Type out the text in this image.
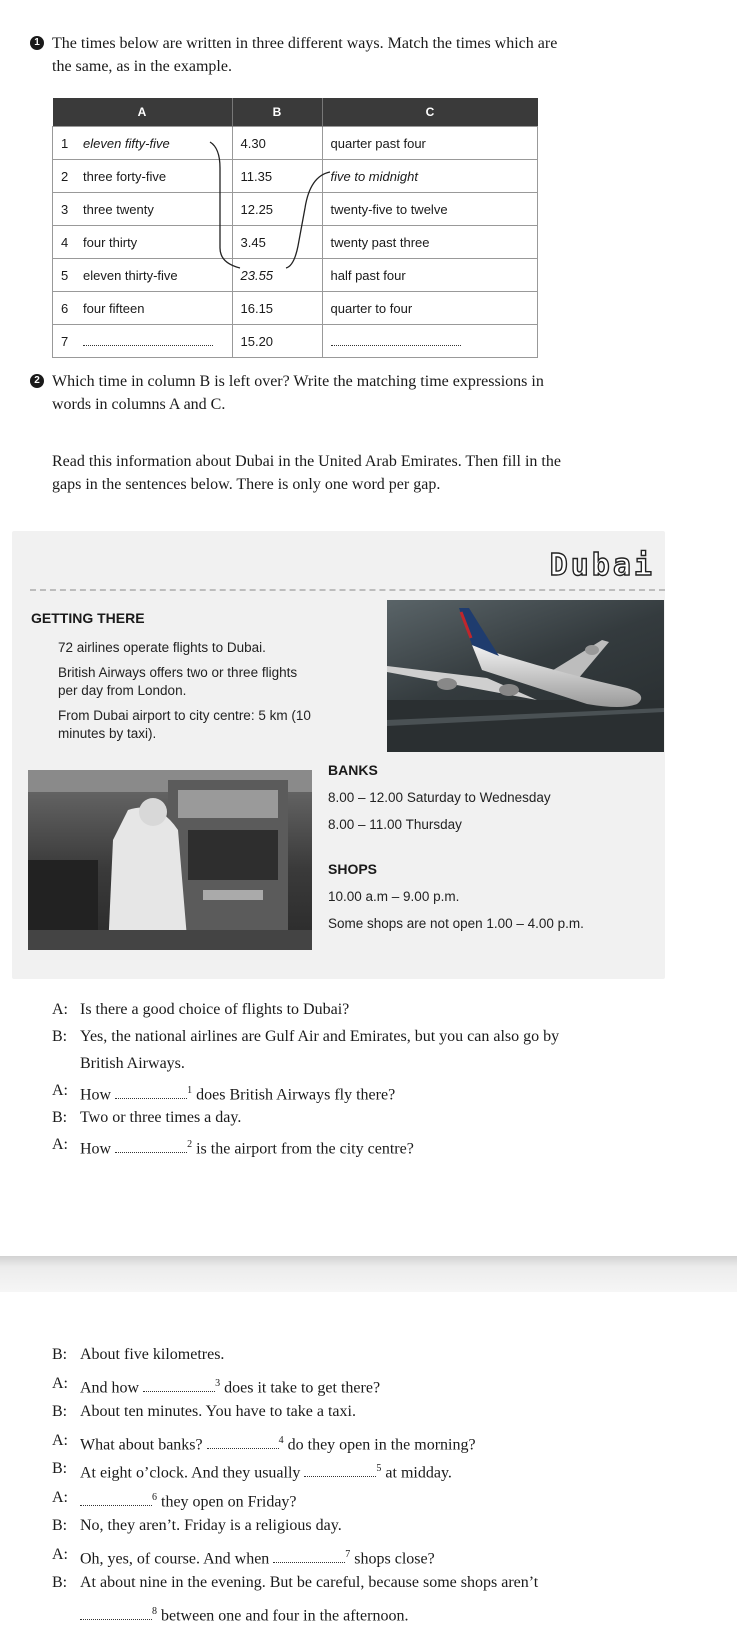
1 The times below are written in three different ways. Match the times which are
the same, as in the example.
A	B	C
1 eleven fifty-five	4.30	quarter past four
2 three forty-five	11.35	five to midnight
3 three twenty	12.25	twenty-five to twelve
4 four thirty	3.45	twenty past three
5 eleven thirty-five	23.55	half past four
6 four fifteen	16.15	quarter to four
7	15.20	
2 Which time in column B is left over? Write the matching time expressions in
words in columns A and C.
Read this information about Dubai in the United Arab Emirates. Then fill in the
gaps in the sentences below. There is only one word per gap.
Dubai
GETTING THERE
72 airlines operate flights to Dubai.
British Airways offers two or three flights
per day from London.
From Dubai airport to city centre: 5 km (10
minutes by taxi).
BANKS
8.00 – 12.00 Saturday to Wednesday
8.00 – 11.00 Thursday
SHOPS
10.00 a.m – 9.00 p.m.
Some shops are not open 1.00 – 4.00 p.m.
A: Is there a good choice of flights to Dubai?
B: Yes, the national airlines are Gulf Air and Emirates, but you can also go by
British Airways.
A: How	$^1$ does British Airways fly there?
B: Two or three times a day.
A: How	$^2$ is the airport from the city centre?
B: About five kilometres.
A: And how	$^3$ does it take to get there?
B: About ten minutes. You have to take a taxi.
A: What about banks?	$^4$ do they open in the morning?
B: At eight o’clock. And they usually	$^5$ at midday.
A:	$^6$ they open on Friday?
B: No, they aren’t. Friday is a religious day.
A: Oh, yes, of course. And when	$^7$ shops close?
B: At about nine in the evening. But be careful, because some shops aren’t
$^8$ between one and four in the afternoon.
